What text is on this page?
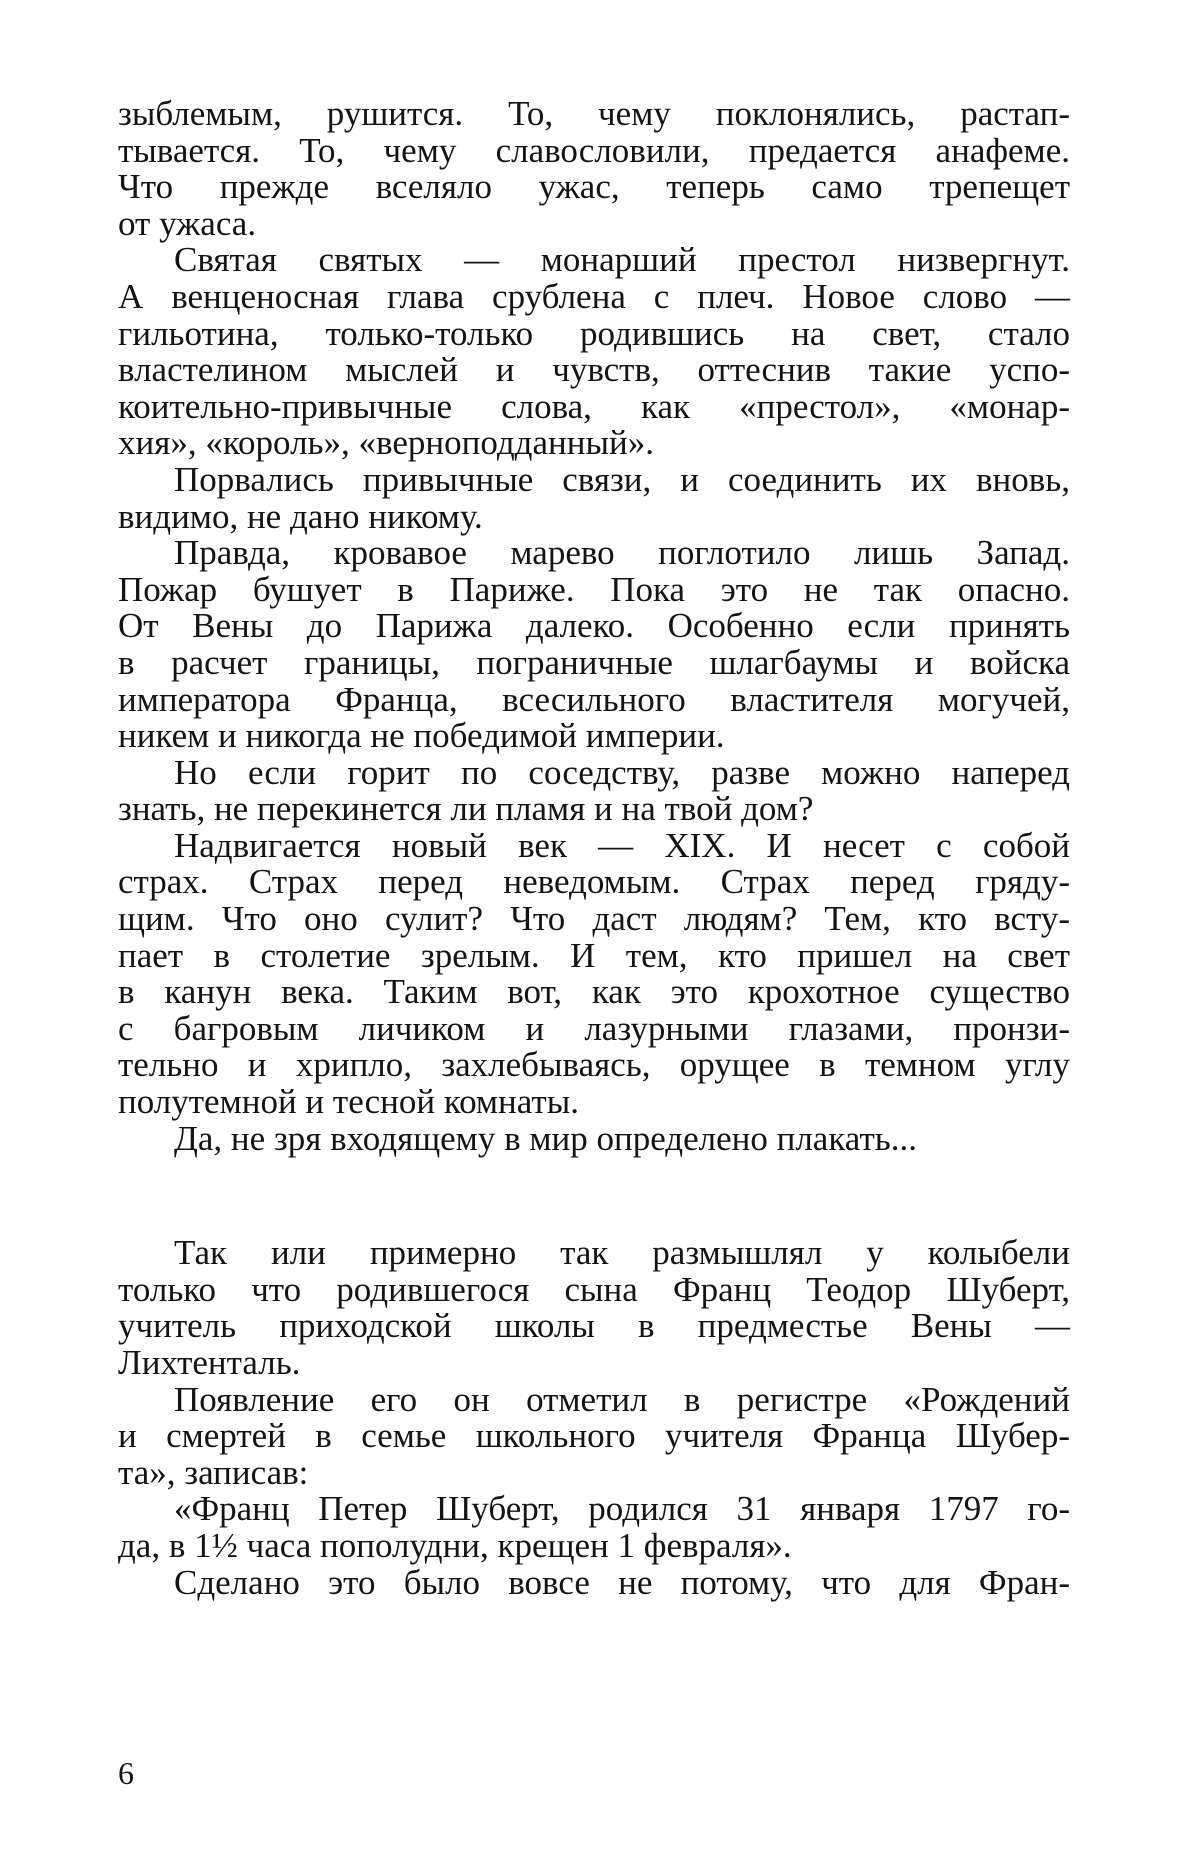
зыблемым, рушится. То, чему поклонялись, растап-
тывается. То, чему славословили, предается анафеме.
Что прежде вселяло ужас, теперь само трепещет
от ужаса.
Святая святых — монарший престол низвергнут.
А венценосная глава срублена с плеч. Новое слово —
гильотина, только-только родившись на свет, стало
властелином мыслей и чувств, оттеснив такие успо-
коительно-привычные слова, как «престол», «монар-
хия», «король», «верноподданный».
Порвались привычные связи, и соединить их вновь,
видимо, не дано никому.
Правда, кровавое марево поглотило лишь Запад.
Пожар бушует в Париже. Пока это не так опасно.
От Вены до Парижа далеко. Особенно если принять
в расчет границы, пограничные шлагбаумы и войска
императора Франца, всесильного властителя могучей,
никем и никогда не победимой империи.
Но если горит по соседству, разве можно наперед
знать, не перекинется ли пламя и на твой дом?
Надвигается новый век — XIX. И несет с собой
страх. Страх перед неведомым. Страх перед гряду-
щим. Что оно сулит? Что даст людям? Тем, кто всту-
пает в столетие зрелым. И тем, кто пришел на свет
в канун века. Таким вот, как это крохотное существо
с багровым личиком и лазурными глазами, пронзи-
тельно и хрипло, захлебываясь, орущее в темном углу
полутемной и тесной комнаты.
Да, не зря входящему в мир определено плакать...
Так или примерно так размышлял у колыбели
только что родившегося сына Франц Теодор Шуберт,
учитель приходской школы в предместье Вены —
Лихтенталь.
Появление его он отметил в регистре «Рождений
и смертей в семье школьного учителя Франца Шубер-
та», записав:
«Франц Петер Шуберт, родился 31 января 1797 го-
да, в 1½ часа пополудни, крещен 1 февраля».
Сделано это было вовсе не потому, что для Фран-
6
